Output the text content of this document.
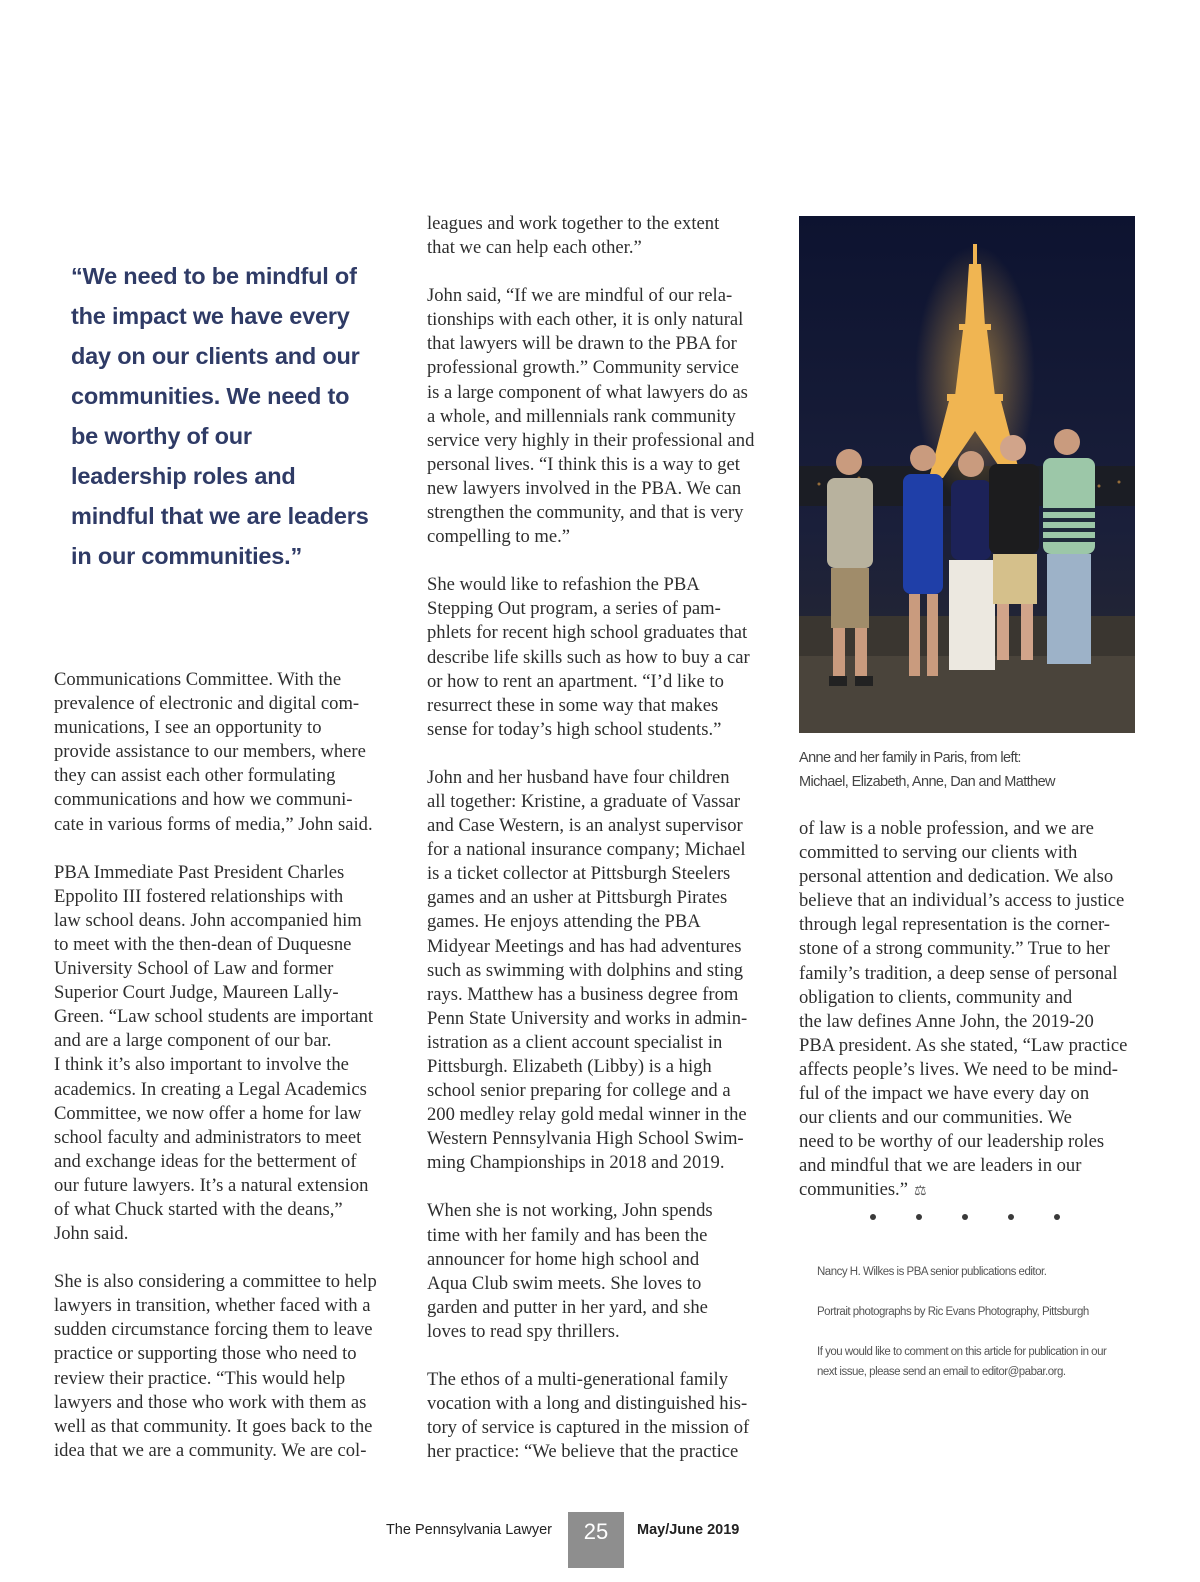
“We need to be mindful of the impact we have every day on our clients and our communities. We need to be worthy of our leadership roles and mindful that we are leaders in our communities.”

Communications Committee. With the
prevalence of electronic and digital com-
munications, I see an opportunity to
provide assistance to our members, where
they can assist each other formulating
communications and how we communi-
cate in various forms of media,” John said.

PBA Immediate Past President Charles
Eppolito III fostered relationships with
law school deans. John accompanied him
to meet with the then-dean of Duquesne
University School of Law and former
Superior Court Judge, Maureen Lally-
Green. “Law school students are important
and are a large component of our bar.
I think it’s also important to involve the
academics. In creating a Legal Academics
Committee, we now offer a home for law
school faculty and administrators to meet
and exchange ideas for the betterment of
our future lawyers. It’s a natural extension
of what Chuck started with the deans,”
John said.

She is also considering a committee to help
lawyers in transition, whether faced with a
sudden circumstance forcing them to leave
practice or supporting those who need to
review their practice. “This would help
lawyers and those who work with them as
well as that community. It goes back to the
idea that we are a community. We are col-

leagues and work together to the extent
that we can help each other.”

John said, “If we are mindful of our rela-
tionships with each other, it is only natural
that lawyers will be drawn to the PBA for
professional growth.” Community service
is a large component of what lawyers do as
a whole, and millennials rank community
service very highly in their professional and
personal lives. “I think this is a way to get
new lawyers involved in the PBA. We can
strengthen the community, and that is very
compelling to me.”

She would like to refashion the PBA
Stepping Out program, a series of pam-
phlets for recent high school graduates that
describe life skills such as how to buy a car
or how to rent an apartment. “I’d like to
resurrect these in some way that makes
sense for today’s high school students.”

John and her husband have four children
all together: Kristine, a graduate of Vassar
and Case Western, is an analyst supervisor
for a national insurance company; Michael
is a ticket collector at Pittsburgh Steelers
games and an usher at Pittsburgh Pirates
games. He enjoys attending the PBA
Midyear Meetings and has had adventures
such as swimming with dolphins and sting
rays. Matthew has a business degree from
Penn State University and works in admin-
istration as a client account specialist in
Pittsburgh. Elizabeth (Libby) is a high
school senior preparing for college and a
200 medley relay gold medal winner in the
Western Pennsylvania High School Swim-
ming Championships in 2018 and 2019.

When she is not working, John spends
time with her family and has been the
announcer for home high school and
Aqua Club swim meets. She loves to
garden and putter in her yard, and she
loves to read spy thrillers.

The ethos of a multi-generational family
vocation with a long and distinguished his-
tory of service is captured in the mission of
her practice: “We believe that the practice

Anne and her family in Paris, from left:
Michael, Elizabeth, Anne, Dan and Matthew

of law is a noble profession, and we are
committed to serving our clients with
personal attention and dedication. We also
believe that an individual’s access to justice
through legal representation is the corner-
stone of a strong community.” True to her
family’s tradition, a deep sense of personal
obligation to clients, community and
the law defines Anne John, the 2019-20
PBA president. As she stated, “Law practice
affects people’s lives. We need to be mind-
ful of the impact we have every day on
our clients and our communities. We
need to be worthy of our leadership roles
and mindful that we are leaders in our
communities.” ⚖

Nancy H. Wilkes is PBA senior publications editor.

Portrait photographs by Ric Evans Photography, Pittsburgh

If you would like to comment on this article for publication in our next issue, please send an email to editor@pabar.org.

The Pennsylvania Lawyer	25	May/June 2019
